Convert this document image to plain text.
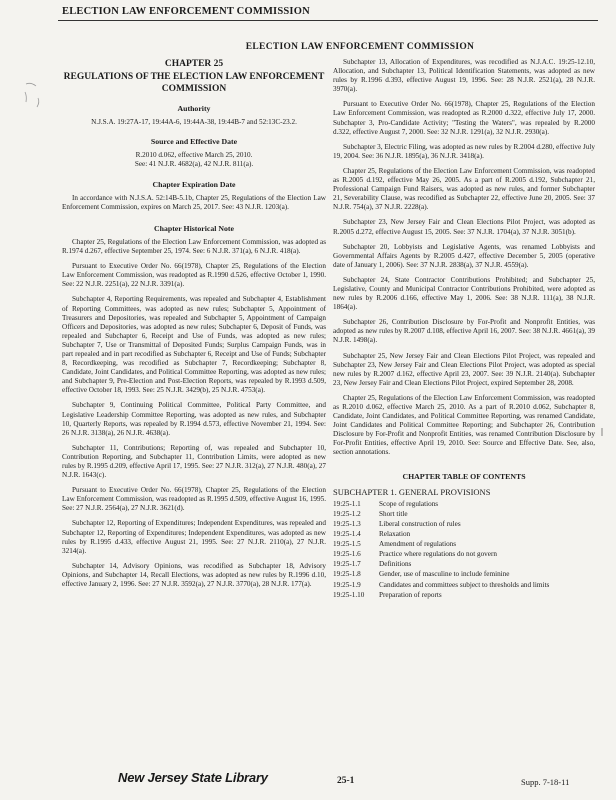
ELECTION LAW ENFORCEMENT COMMISSION
ELECTION LAW ENFORCEMENT COMMISSION
CHAPTER 25
REGULATIONS OF THE ELECTION LAW ENFORCEMENT COMMISSION
Authority
N.J.S.A. 19:27A-17, 19:44A-6, 19:44A-38, 19:44B-7 and 52:13C-23.2.
Source and Effective Date
R.2010 d.062, effective March 25, 2010.
See: 41 N.J.R. 4682(a), 42 N.J.R. 811(a).
Chapter Expiration Date

In accordance with N.J.S.A. 52:14B-5.1b, Chapter 25, Regulations of the Election Law Enforcement Commission, expires on March 25, 2017. See: 43 N.J.R. 1203(a).

Chapter Historical Note

Chapter 25, Regulations of the Election Law Enforcement Commission, was adopted as R.1974 d.267, effective September 25, 1974. See: 6 N.J.R. 371(a), 6 N.J.R. 418(a).

Pursuant to Executive Order No. 66(1978), Chapter 25, Regulations of the Election Law Enforcement Commission, was readopted as R.1990 d.526, effective October 1, 1990. See: 22 N.J.R. 2251(a), 22 N.J.R. 3391(a).

Subchapter 4, Reporting Requirements, was repealed and Subchapter 4, Establishment of Reporting Committees, was adopted as new rules; Subchapter 5, Appointment of Treasurers and Depositories, was repealed and Subchapter 5, Appointment of Campaign Officers and Depositories, was adopted as new rules; Subchapter 6, Deposit of Funds, was repealed and Subchapter 6, Receipt and Use of Funds, was adopted as new rules; Subchapter 7, Use or Transmittal of Deposited Funds; Surplus Campaign Funds, was in part repealed and in part recodified as Subchapter 6, Receipt and Use of Funds; Subchapter 8, Recordkeeping, was recodified as Subchapter 7, Recordkeeping; Subchapter 8, Candidate, Joint Candidates, and Political Committee Reporting, was adopted as new rules; and Subchapter 9, Pre-Election and Post-Election Reports, was repealed by R.1993 d.509, effective October 18, 1993. See: 25 N.J.R. 3429(b), 25 N.J.R. 4753(a).

Subchapter 9, Continuing Political Committee, Political Party Committee, and Legislative Leadership Committee Reporting, was adopted as new rules, and Subchapter 10, Quarterly Reports, was repealed by R.1994 d.573, effective November 21, 1994. See: 26 N.J.R. 3138(a), 26 N.J.R. 4638(a).

Subchapter 11, Contributions; Reporting of, was repealed and Subchapter 10, Contribution Reporting, and Subchapter 11, Contribution Limits, were adopted as new rules by R.1995 d.209, effective April 17, 1995. See: 27 N.J.R. 312(a), 27 N.J.R. 480(a), 27 N.J.R. 1643(c).

Pursuant to Executive Order No. 66(1978), Chapter 25, Regulations of the Election Law Enforcement Commission, was readopted as R.1995 d.509, effective August 16, 1995. See: 27 N.J.R. 2564(a), 27 N.J.R. 3621(d).

Subchapter 12, Reporting of Expenditures; Independent Expenditures, was repealed and Subchapter 12, Reporting of Expenditures; Independent Expenditures, was adopted as new rules by R.1995 d.433, effective August 21, 1995. See: 27 N.J.R. 2110(a), 27 N.J.R. 3214(a).

Subchapter 14, Advisory Opinions, was recodified as Subchapter 18, Advisory Opinions, and Subchapter 14, Recall Elections, was adopted as new rules by R.1996 d.10, effective January 2, 1996. See: 27 N.J.R. 3592(a), 27 N.J.R. 3770(a), 28 N.J.R. 177(a).

Subchapter 13, Allocation of Expenditures, was recodified as N.J.A.C. 19:25-12.10, Allocation, and Subchapter 13, Political Identification Statements, was adopted as new rules by R.1996 d.393, effective August 19, 1996. See: 28 N.J.R. 2521(a), 28 N.J.R. 3970(a).

Pursuant to Executive Order No. 66(1978), Chapter 25, Regulations of the Election Law Enforcement Commission, was readopted as R.2000 d.322, effective July 17, 2000. Subchapter 3, Pro-Candidate Activity; "Testing the Waters", was repealed by R.2000 d.322, effective August 7, 2000. See: 32 N.J.R. 1291(a), 32 N.J.R. 2930(a).

Subchapter 3, Electric Filing, was adopted as new rules by R.2004 d.280, effective July 19, 2004. See: 36 N.J.R. 1895(a), 36 N.J.R. 3418(a).

Chapter 25, Regulations of the Election Law Enforcement Commission, was readopted as R.2005 d.192, effective May 26, 2005. As a part of R.2005 d.192, Subchapter 21, Professional Campaign Fund Raisers, was adopted as new rules, and former Subchapter 21, Severability Clause, was recodified as Subchapter 22, effective June 20, 2005. See: 37 N.J.R. 754(a), 37 N.J.R. 2228(a).

Subchapter 23, New Jersey Fair and Clean Elections Pilot Project, was adopted as R.2005 d.272, effective August 15, 2005. See: 37 N.J.R. 1704(a), 37 N.J.R. 3051(b).

Subchapter 20, Lobbyists and Legislative Agents, was renamed Lobbyists and Governmental Affairs Agents by R.2005 d.427, effective December 5, 2005 (operative date of January 1, 2006). See: 37 N.J.R. 2838(a), 37 N.J.R. 4559(a).

Subchapter 24, State Contractor Contributions Prohibited; and Subchapter 25, Legislative, County and Municipal Contractor Contributions Prohibited, were adopted as new rules by R.2006 d.166, effective May 1, 2006. See: 38 N.J.R. 111(a), 38 N.J.R. 1864(a).

Subchapter 26, Contribution Disclosure by For-Profit and Nonprofit Entities, was adopted as new rules by R.2007 d.108, effective April 16, 2007. See: 38 N.J.R. 4661(a), 39 N.J.R. 1498(a).

Subchapter 25, New Jersey Fair and Clean Elections Pilot Project, was repealed and Subchapter 23, New Jersey Fair and Clean Elections Pilot Project, was adopted as special new rules by R.2007 d.162, effective April 23, 2007. See: 39 N.J.R. 2140(a). Subchapter 23, New Jersey Fair and Clean Elections Pilot Project, expired September 28, 2008.

Chapter 25, Regulations of the Election Law Enforcement Commission, was readopted as R.2010 d.062, effective March 25, 2010. As a part of R.2010 d.062, Subchapter 8, Candidate, Joint Candidates, and Political Committee Reporting, was renamed Candidate, Joint Candidates and Political Committee Reporting; and Subchapter 26, Contribution Disclosure by For-Profit and Nonprofit Entities, was renamed Contribution Disclosure by For-Profit Entities, effective April 19, 2010. See: Source and Effective Date. See, also, section annotations.

CHAPTER TABLE OF CONTENTS
SUBCHAPTER 1. GENERAL PROVISIONS
19:25-1.1	Scope of regulations
19:25-1.2	Short title
19:25-1.3	Liberal construction of rules
19:25-1.4	Relaxation
19:25-1.5	Amendment of regulations
19:25-1.6	Practice where regulations do not govern
19:25-1.7	Definitions
19:25-1.8	Gender, use of masculine to include feminine
19:25-1.9	Candidates and committees subject to thresholds and limits
19:25-1.10	Preparation of reports
New Jersey State Library	25-1	Supp. 7-18-11
